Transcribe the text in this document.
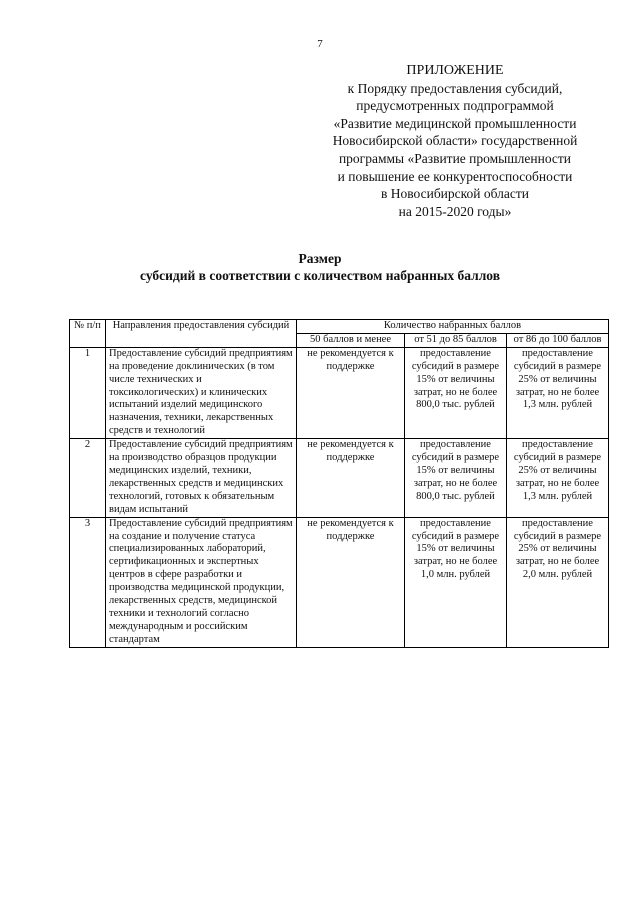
7
ПРИЛОЖЕНИЕ
к Порядку предоставления субсидий,
предусмотренных подпрограммой
«Развитие медицинской промышленности
Новосибирской области» государственной
программы «Развитие промышленности
и повышение ее конкурентоспособности
в Новосибирской области
на 2015-2020 годы»
Размер
субсидий в соответствии с количеством набранных баллов
№ п/п	Направления предоставления субсидий	Количество набранных баллов		
		50 баллов и менее	от 51 до 85 баллов	от 86 до 100 баллов
1	Предоставление субсидий предприятиям на проведение доклинических (в том числе технических и токсикологических) и клинических испытаний изделий медицинского назначения, техники, лекарственных средств и технологий	не рекомендуется к поддержке	предоставление субсидий в размере 15% от величины затрат, но не более 800,0 тыс. рублей	предоставление субсидий в размере 25% от величины затрат, но не более 1,3 млн. рублей
2	Предоставление субсидий предприятиям на производство образцов продукции медицинских изделий, техники, лекарственных средств и медицинских технологий, готовых к обязательным видам испытаний	не рекомендуется к поддержке	предоставление субсидий в размере 15% от величины затрат, но не более 800,0 тыс. рублей	предоставление субсидий в размере 25% от величины затрат, но не более 1,3 млн. рублей
3	Предоставление субсидий предприятиям на создание и получение статуса специализированных лабораторий, сертификационных и экспертных центров в сфере разработки и производства медицинской продукции, лекарственных средств, медицинской техники и технологий согласно международным и российским стандартам	не рекомендуется к поддержке	предоставление субсидий в размере 15% от величины затрат, но не более 1,0 млн. рублей	предоставление субсидий в размере 25% от величины затрат, но не более 2,0 млн. рублей
